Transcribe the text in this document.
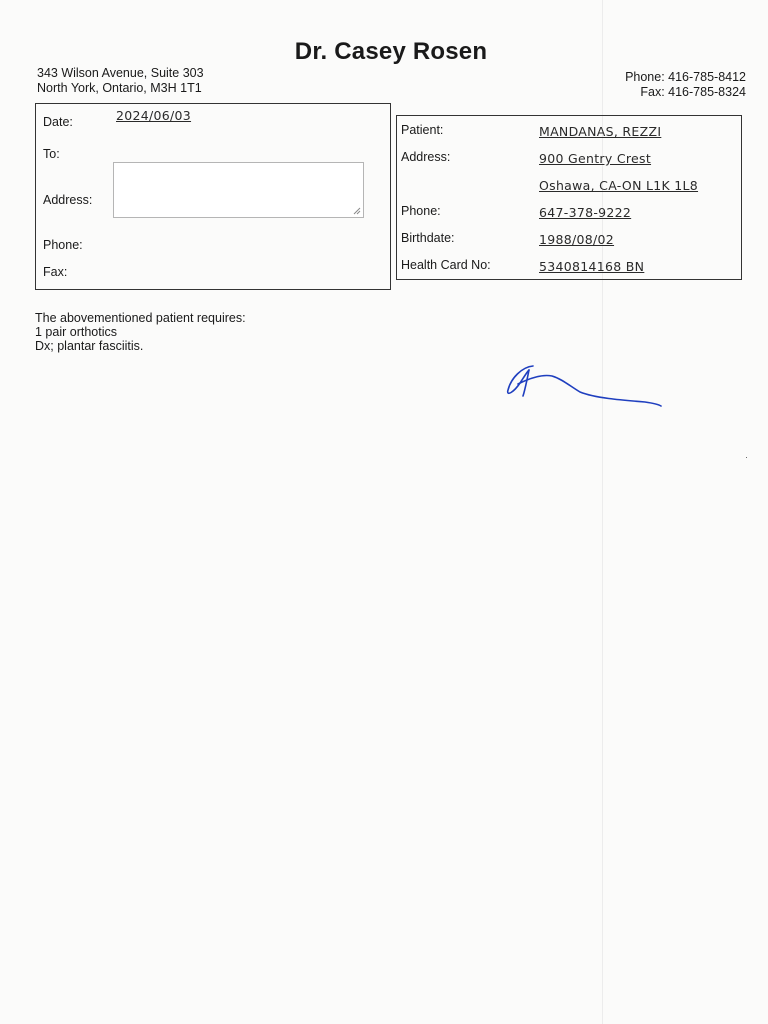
Dr. Casey Rosen
343 Wilson Avenue, Suite 303
North York, Ontario, M3H 1T1
Phone: 416-785-8412
Fax: 416-785-8324
Date:	2024/06/03
To:
Address:
Phone:
Fax:
Patient:	MANDANAS, REZZI
Address:	900 Gentry Crest
Oshawa, CA-ON L1K 1L8
Phone:	647-378-9222
Birthdate:	1988/08/02
Health Card No:	5340814168 BN
The abovementioned patient requires:
1 pair orthotics
Dx; plantar fasciitis.
